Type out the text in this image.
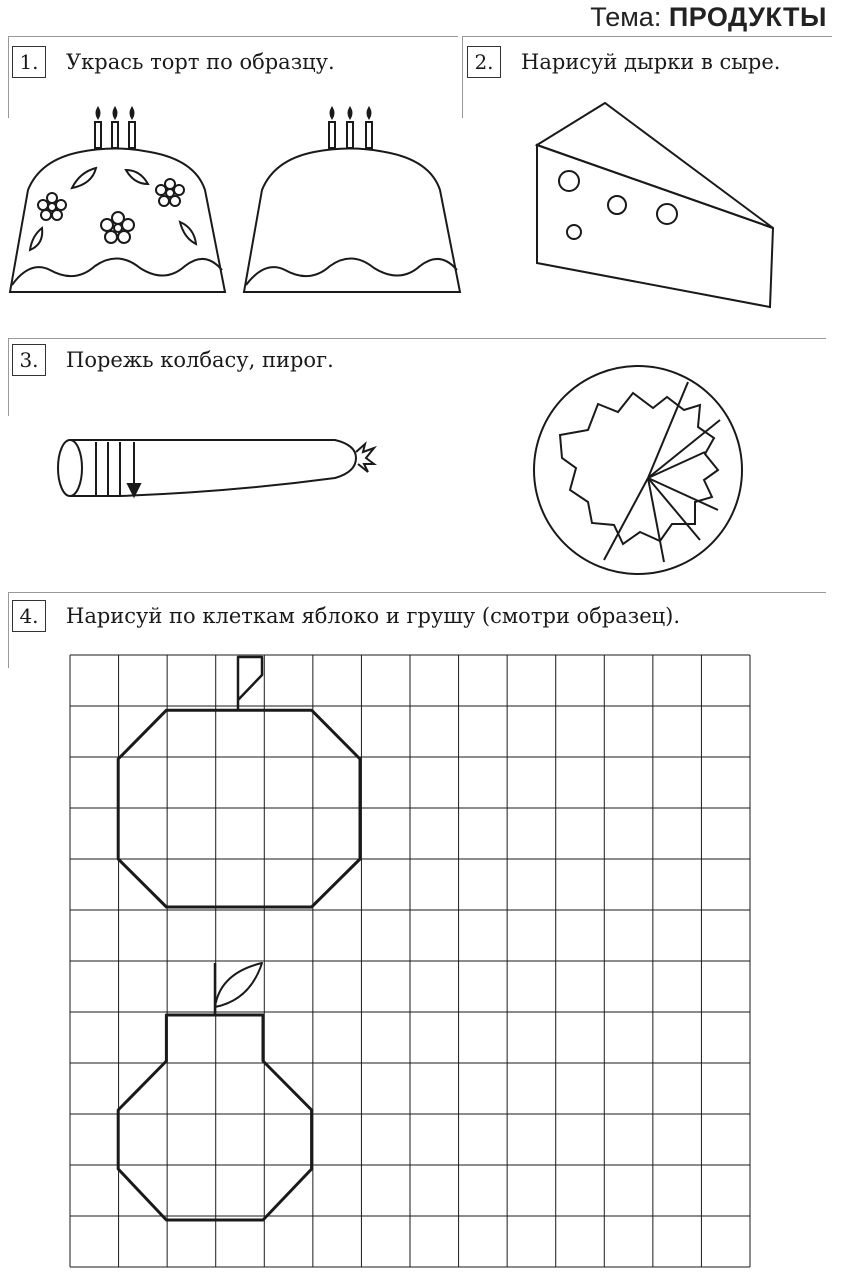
Тема: ПРОДУКТЫ
1.	Укрась торт по образцу.	2.	Нарисуй дырки в сыре.
3.	Порежь колбасу, пирог.
4.	Нарисуй по клеткам яблоко и грушу (смотри образец).
